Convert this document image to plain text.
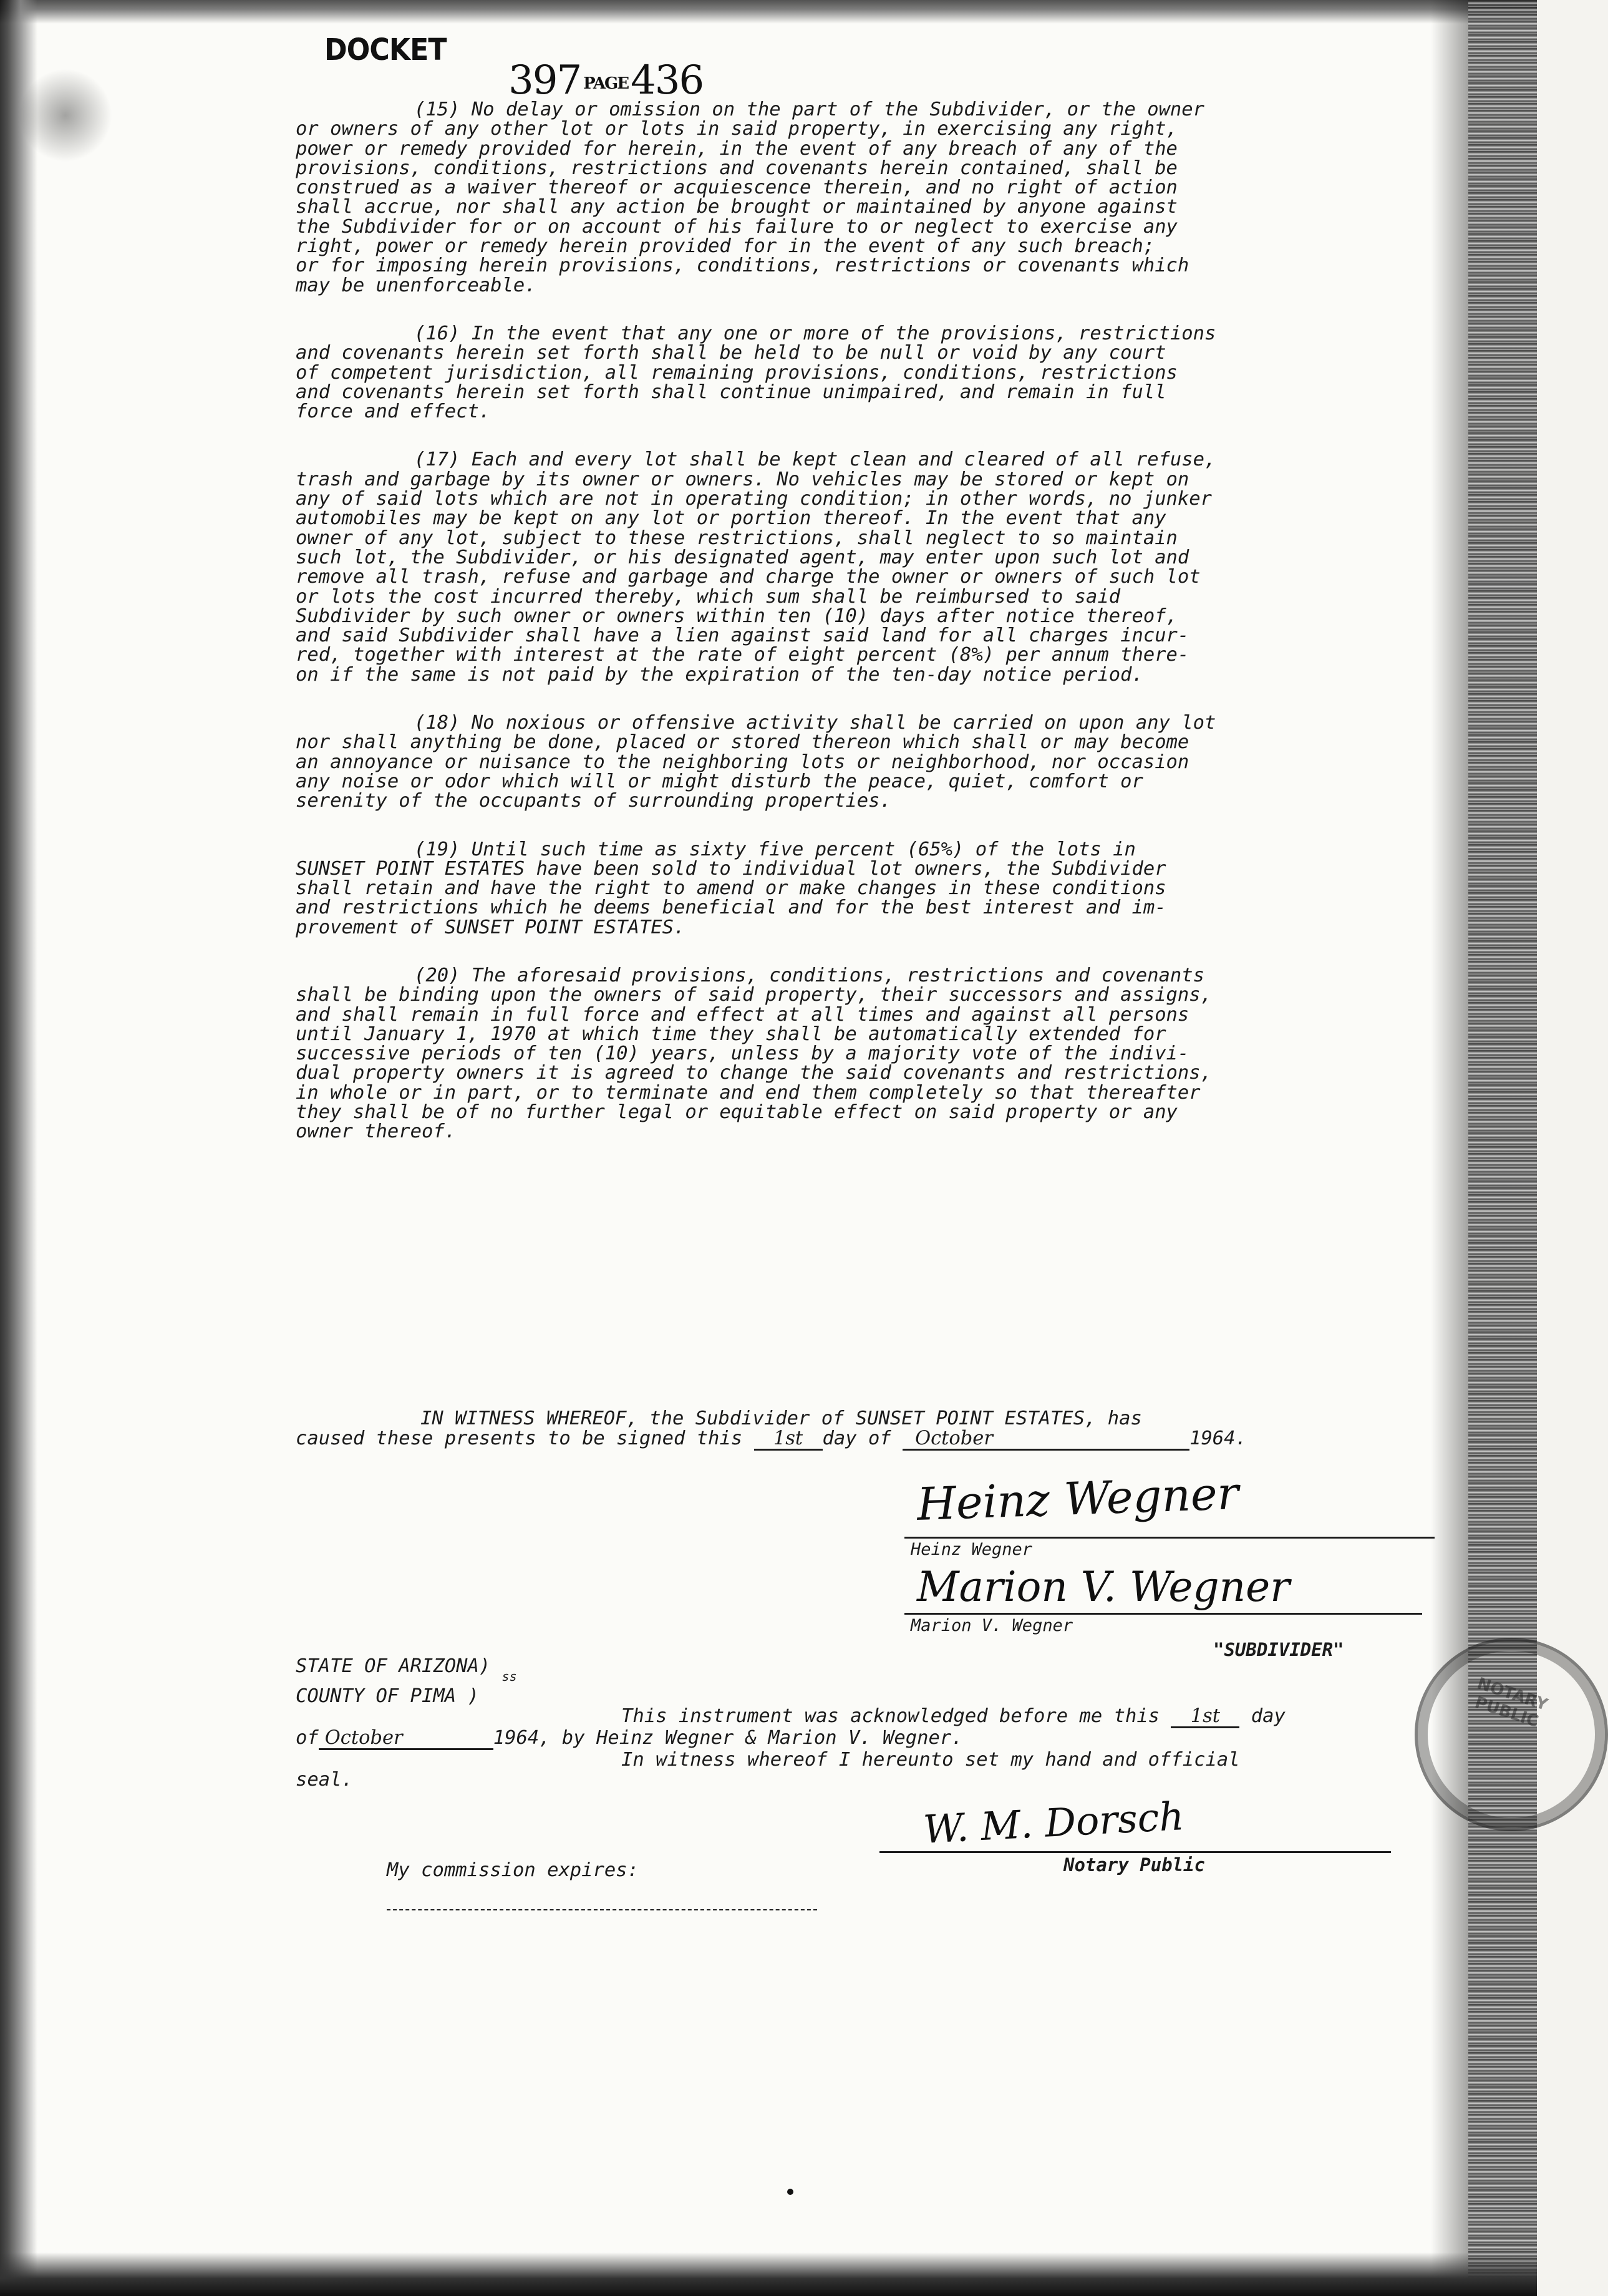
DOCKET
397 PAGE436

(15) No delay or omission on the part of the Subdivider, or the owner
or owners of any other lot or lots in said property, in exercising any right,
power or remedy provided for herein, in the event of any breach of any of the
provisions, conditions, restrictions and covenants herein contained, shall be
construed as a waiver thereof or acquiescence therein, and no right of action
shall accrue, nor shall any action be brought or maintained by anyone against
the Subdivider for or on account of his failure to or neglect to exercise any
right, power or remedy herein provided for in the event of any such breach;
or for imposing herein provisions, conditions, restrictions or covenants which
may be unenforceable.

(16) In the event that any one or more of the provisions, restrictions
and covenants herein set forth shall be held to be null or void by any court
of competent jurisdiction, all remaining provisions, conditions, restrictions
and covenants herein set forth shall continue unimpaired, and remain in full
force and effect.

(17) Each and every lot shall be kept clean and cleared of all refuse,
trash and garbage by its owner or owners. No vehicles may be stored or kept on
any of said lots which are not in operating condition; in other words, no junker
automobiles may be kept on any lot or portion thereof. In the event that any
owner of any lot, subject to these restrictions, shall neglect to so maintain
such lot, the Subdivider, or his designated agent, may enter upon such lot and
remove all trash, refuse and garbage and charge the owner or owners of such lot
or lots the cost incurred thereby, which sum shall be reimbursed to said
Subdivider by such owner or owners within ten (10) days after notice thereof,
and said Subdivider shall have a lien against said land for all charges incur-
red, together with interest at the rate of eight percent (8%) per annum there-
on if the same is not paid by the expiration of the ten-day notice period.

(18) No noxious or offensive activity shall be carried on upon any lot
nor shall anything be done, placed or stored thereon which shall or may become
an annoyance or nuisance to the neighboring lots or neighborhood, nor occasion
any noise or odor which will or might disturb the peace, quiet, comfort or
serenity of the occupants of surrounding properties.

(19) Until such time as sixty five percent (65%) of the lots in
SUNSET POINT ESTATES have been sold to individual lot owners, the Subdivider
shall retain and have the right to amend or make changes in these conditions
and restrictions which he deems beneficial and for the best interest and im-
provement of SUNSET POINT ESTATES.

(20) The aforesaid provisions, conditions, restrictions and covenants
shall be binding upon the owners of said property, their successors and assigns,
and shall remain in full force and effect at all times and against all persons
until January 1, 1970 at which time they shall be automatically extended for
successive periods of ten (10) years, unless by a majority vote of the indivi-
dual property owners it is agreed to change the said covenants and restrictions,
in whole or in part, or to terminate and end them completely so that thereafter
they shall be of no further legal or equitable effect on said property or any
owner thereof.

IN WITNESS WHEREOF, the Subdivider of SUNSET POINT ESTATES, has
caused these presents to be signed this 1st day of October	1964.
Heinz Wegner
Heinz Wegner
Marion V. Wegner
Marion V. Wegner
"SUBDIVIDER"
STATE OF ARIZONA) $_{ss}$
COUNTY OF PIMA )
This instrument was acknowledged before me this 1st day
of October	1964, by Heinz Wegner & Marion V. Wegner.
In witness whereof I hereunto set my hand and official
seal.
W. M. Dorsch
Notary Public
NOTARY PUBLIC
My commission expires:
